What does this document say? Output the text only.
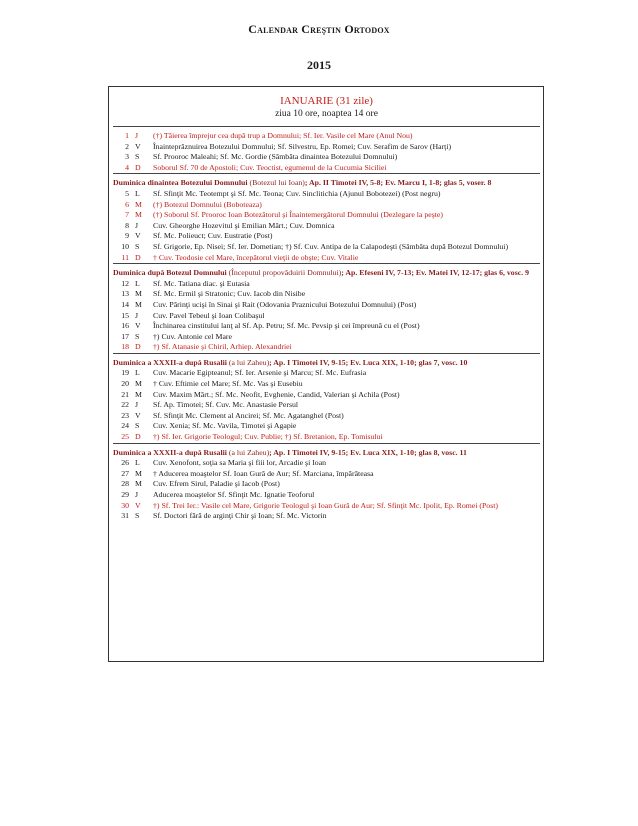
Calendar Creştin Ortodox
2015
IANUARIE (31 zile)
ziua 10 ore, noaptea 14 ore
1 J	(†) Tăierea împrejur cea după trup a Domnului; Sf. Ier. Vasile cel Mare (Anul Nou)
2 V	Înainteprăznuirea Botezului Domnului; Sf. Silvestru, Ep. Romei; Cuv. Serafim de Sarov (Harţi)
3 S	Sf. Prooroc Maleahi; Sf. Mc. Gordie (Sâmbăta dinaintea Botezului Domnului)
4 D	Soborul Sf. 70 de Apostoli; Cuv. Teoctist, egumenul de la Cucumia Siciliei
Duminica dinaintea Botezului Domnului (Botezul lui Ioan); Ap. II Timotei IV, 5-8; Ev. Marcu I, 1-8; glas 5, voser. 8
5 L	Sf. Sfinţit Mc. Teotempt şi Sf. Mc. Teona; Cuv. Sinclitichia (Ajunul Bobotezei) (Post negru)
6 M	(†) Botezul Domnului (Boboteaza)
7 M	(†) Soborul Sf. Prooroc Ioan Botezătorul şi Înaintemergătorul Domnului (Dezlegare la peşte)
8 J	Cuv. Gheorghe Hozevitul şi Emilian Mărt.; Cuv. Domnica
9 V	Sf. Mc. Polieuct; Cuv. Eustratie (Post)
10 S	Sf. Grigorie, Ep. Nisei; Sf. Ier. Dometian; †) Sf. Cuv. Antipa de la Calapodeşti (Sâmbăta după Botezul Domnului)
11 D	† Cuv. Teodosie cel Mare, începătorul vieţii de obşte; Cuv. Vitalie
Duminica după Botezul Domnului (Începutul propovăduirii Domnului); Ap. Efeseni IV, 7-13; Ev. Matei IV, 12-17; glas 6, vosc. 9
12 L	Sf. Mc. Tatiana diac. şi Eutasia
13 M	Sf. Mc. Ermil şi Stratonic; Cuv. Iacob din Nisibe
14 M	Cuv. Părinţi ucişi în Sinai şi Rait (Odovania Praznicului Botezului Domnului) (Post)
15 J	Cuv. Pavel Tebeul şi Ioan Colibaşul
16 V	Închinarea cinstitului lanţ al Sf. Ap. Petru; Sf. Mc. Pevsip şi cei împreună cu el (Post)
17 S	†) Cuv. Antonie cel Mare
18 D	†) Sf. Atanasie şi Chiril, Arhiep. Alexandriei
Duminica a XXXII-a după Rusalii (a lui Zaheu); Ap. I Timotei IV, 9-15; Ev. Luca XIX, 1-10; glas 7, vosc. 10
19 L	Cuv. Macarie Egipteanul; Sf. Ier. Arsenie şi Marcu; Sf. Mc. Eufrasia
20 M	† Cuv. Eftimie cel Mare; Sf. Mc. Vas şi Eusebiu
21 M	Cuv. Maxim Mărt.; Sf. Mc. Neofit, Evghenie, Candid, Valerian şi Achila (Post)
22 J	Sf. Ap. Timotei; Sf. Cuv. Mc. Anastasie Persul
23 V	Sf. Sfinţit Mc. Clement al Ancirei; Sf. Mc. Agatanghel (Post)
24 S	Cuv. Xenia; Sf. Mc. Vavila, Timotei şi Agapie
25 D	†) Sf. Ier. Grigorie Teologul; Cuv. Publie; †) Sf. Bretanion, Ep. Tomisului
Duminica a XXXII-a după Rusalii (a lui Zaheu); Ap. I Timotei IV, 9-15; Ev. Luca XIX, 1-10; glas 8, vosc. 11
26 L	Cuv. Xenofont, soţia sa Maria şi fiii lor, Arcadie şi Ioan
27 M	† Aducerea moaştelor Sf. Ioan Gură de Aur; Sf. Marciana, împărăteasa
28 M	Cuv. Efrem Sirul, Paladie şi Iacob (Post)
29 J	Aducerea moaştelor Sf. Sfinţit Mc. Ignatie Teoforul
30 V	†) Sf. Trei Ier.: Vasile cel Mare, Grigorie Teologul şi Ioan Gură de Aur; Sf. Sfinţit Mc. Ipolit, Ep. Romei (Post)
31 S	Sf. Doctori fără de arginţi Chir şi Ioan; Sf. Mc. Victorin
